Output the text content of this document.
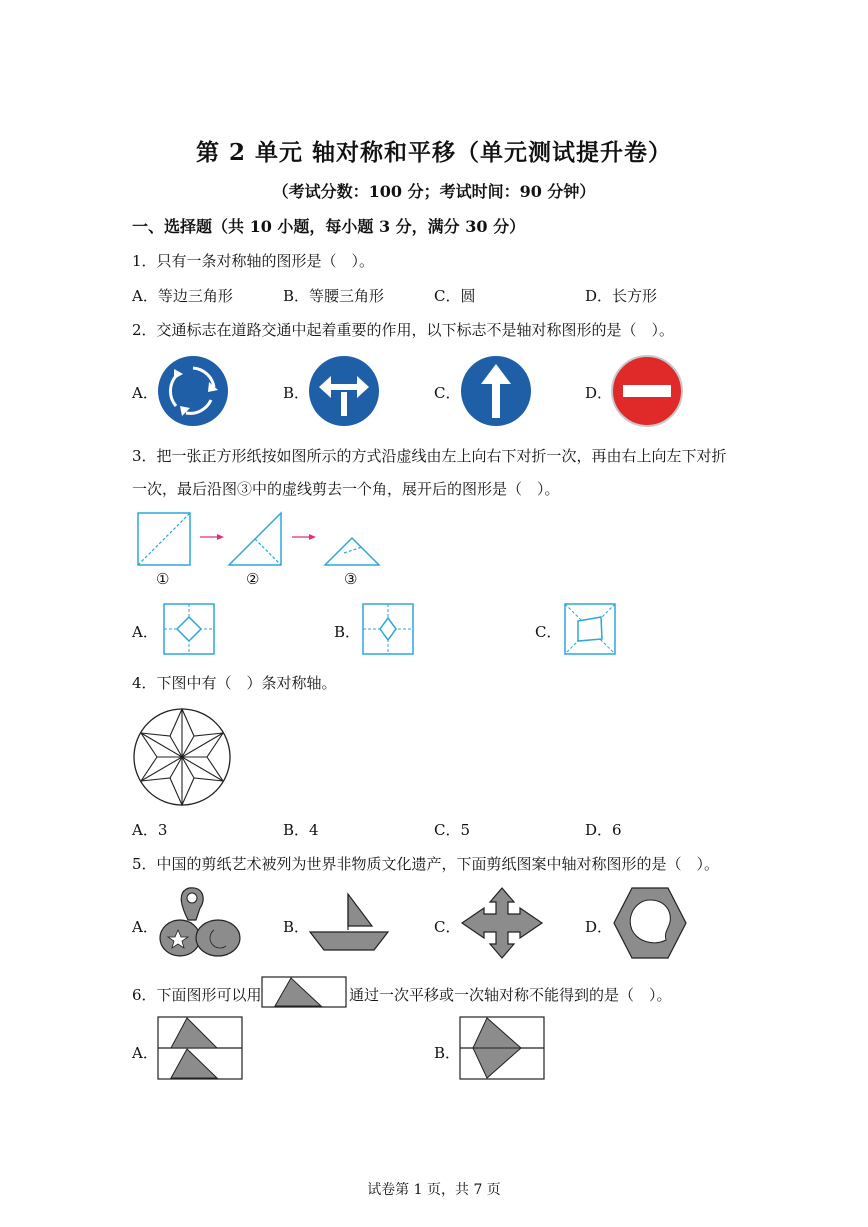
第 2 单元 轴对称和平移（单元测试提升卷）
（考试分数：100 分；考试时间：90 分钟）
一、选择题（共 10 小题，每小题 3 分，满分 30 分）
1．只有一条对称轴的图形是（　）。
A．等边三角形	B．等腰三角形	C．圆	D．长方形
2．交通标志在道路交通中起着重要的作用，以下标志不是轴对称图形的是（　）。
A．	B．	C．	D．
3．把一张正方形纸按如图所示的方式沿虚线由左上向右下对折一次，再由右上向左下对折
一次，最后沿图③中的虚线剪去一个角，展开后的图形是（　）。
①	②	③
A．	B．	C．
4．下图中有（　）条对称轴。
A．3	B．4	C．5	D．6
5．中国的剪纸艺术被列为世界非物质文化遗产，下面剪纸图案中轴对称图形的是（　）。
A．	B．	C．	D．
6．下面图形可以用	通过一次平移或一次轴对称不能得到的是（　）。
A．	B．
试卷第 1 页，共 7 页
